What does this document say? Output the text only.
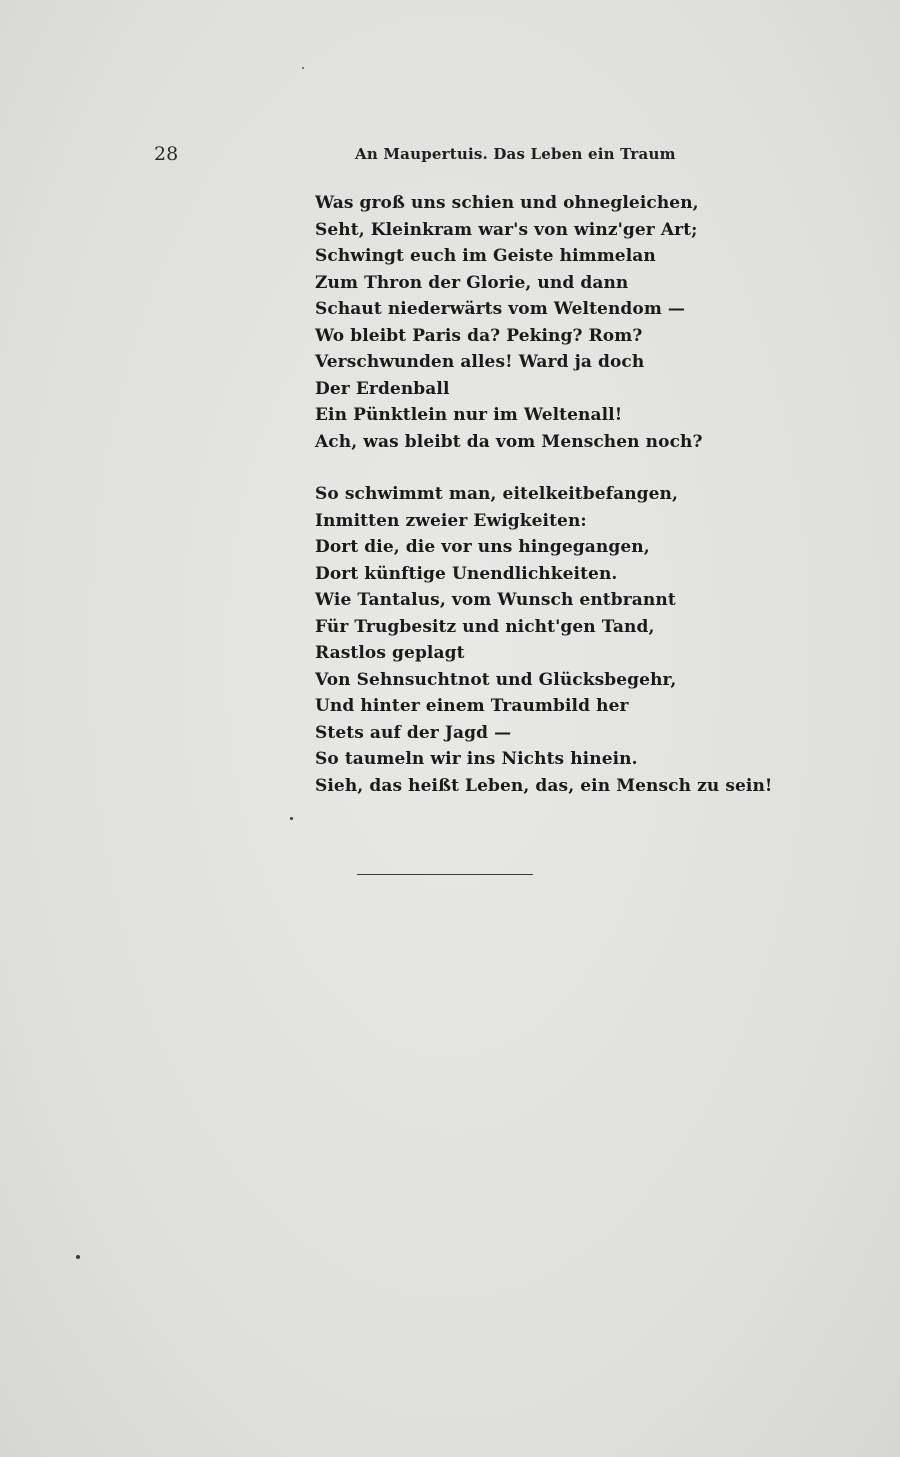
28	An Maupertuis. Das Leben ein Traum
Was groß uns schien und ohnegleichen,
Seht, Kleinkram war's von winz'ger Art;
Schwingt euch im Geiste himmelan
Zum Thron der Glorie, und dann
Schaut niederwärts vom Weltendom —
Wo bleibt Paris da? Peking? Rom?
Verschwunden alles! Ward ja doch
Der Erdenball
Ein Pünktlein nur im Weltenall!
Ach, was bleibt da vom Menschen noch?
So schwimmt man, eitelkeitbefangen,
Inmitten zweier Ewigkeiten:
Dort die, die vor uns hingegangen,
Dort künftige Unendlichkeiten.
Wie Tantalus, vom Wunsch entbrannt
Für Trugbesitz und nicht'gen Tand,
Rastlos geplagt
Von Sehnsuchtnot und Glücksbegehr,
Und hinter einem Traumbild her
Stets auf der Jagd —
So taumeln wir ins Nichts hinein.
Sieh, das heißt Leben, das, ein Mensch zu sein!
